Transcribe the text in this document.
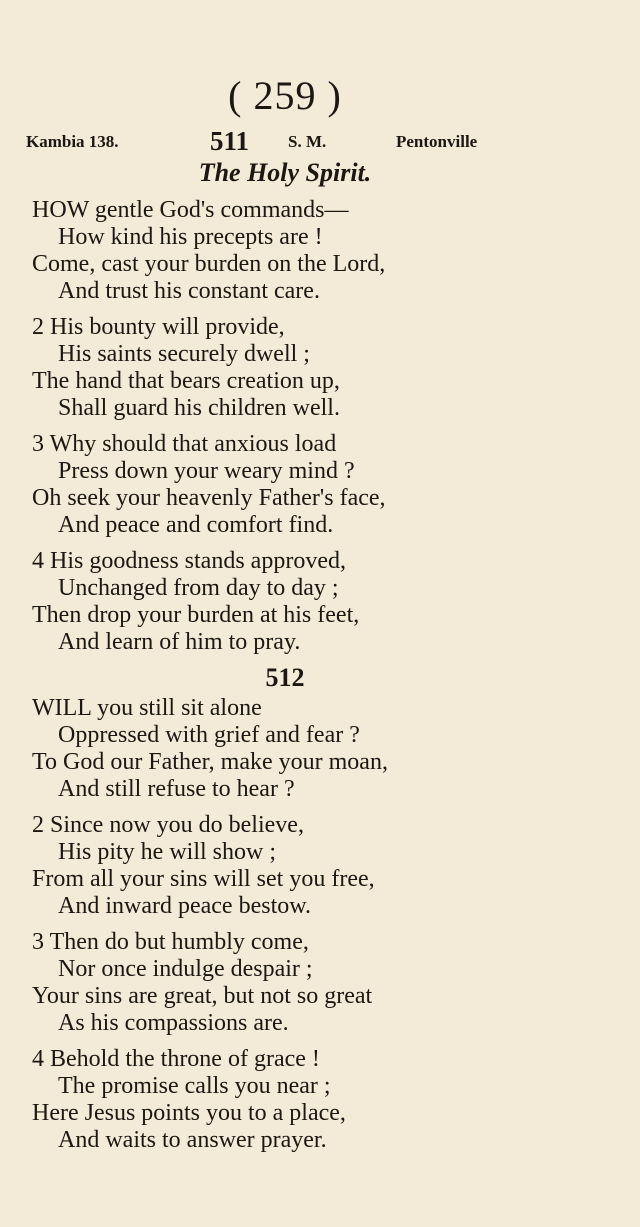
( 259 )
Kambia 138.	511 S. M.	Pentonville
The Holy Spirit.
HOW gentle God's commands—
How kind his precepts are !
Come, cast your burden on the Lord,
And trust his constant care.
2 His bounty will provide,
His saints securely dwell ;
The hand that bears creation up,
Shall guard his children well.
3 Why should that anxious load
Press down your weary mind ?
Oh seek your heavenly Father's face,
And peace and comfort find.
4 His goodness stands approved,
Unchanged from day to day ;
Then drop your burden at his feet,
And learn of him to pray.
512
WILL you still sit alone
Oppressed with grief and fear ?
To God our Father, make your moan,
And still refuse to hear ?
2 Since now you do believe,
His pity he will show ;
From all your sins will set you free,
And inward peace bestow.
3 Then do but humbly come,
Nor once indulge despair ;
Your sins are great, but not so great
As his compassions are.
4 Behold the throne of grace !
The promise calls you near ;
Here Jesus points you to a place,
And waits to answer prayer.
